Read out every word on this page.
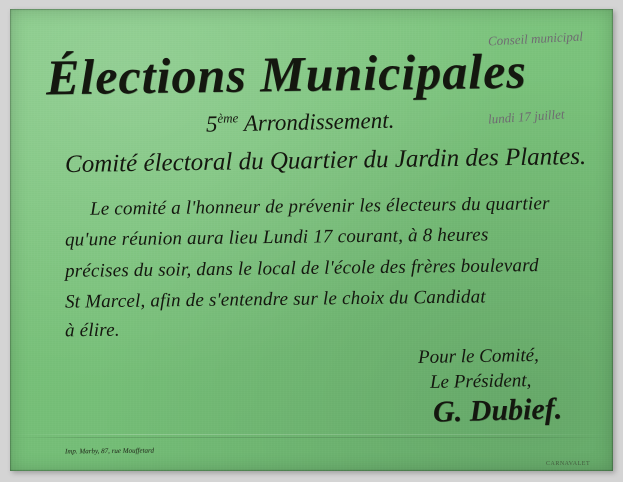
Conseil municipal
lundi 17 juillet
Élections Municipales
5ème Arrondissement.
Comité électoral du Quartier du Jardin des Plantes.
Le comité a l'honneur de prévenir les électeurs du quartier
qu'une réunion aura lieu Lundi 17 courant, à 8 heures
précises du soir, dans le local de l'école des frères boulevard
St Marcel, afin de s'entendre sur le choix du Candidat
à élire.
Pour le Comité,
Le Président,
G. Dubief.
Imp. Marby, 87, rue Mouffetard
CARNAVALET
